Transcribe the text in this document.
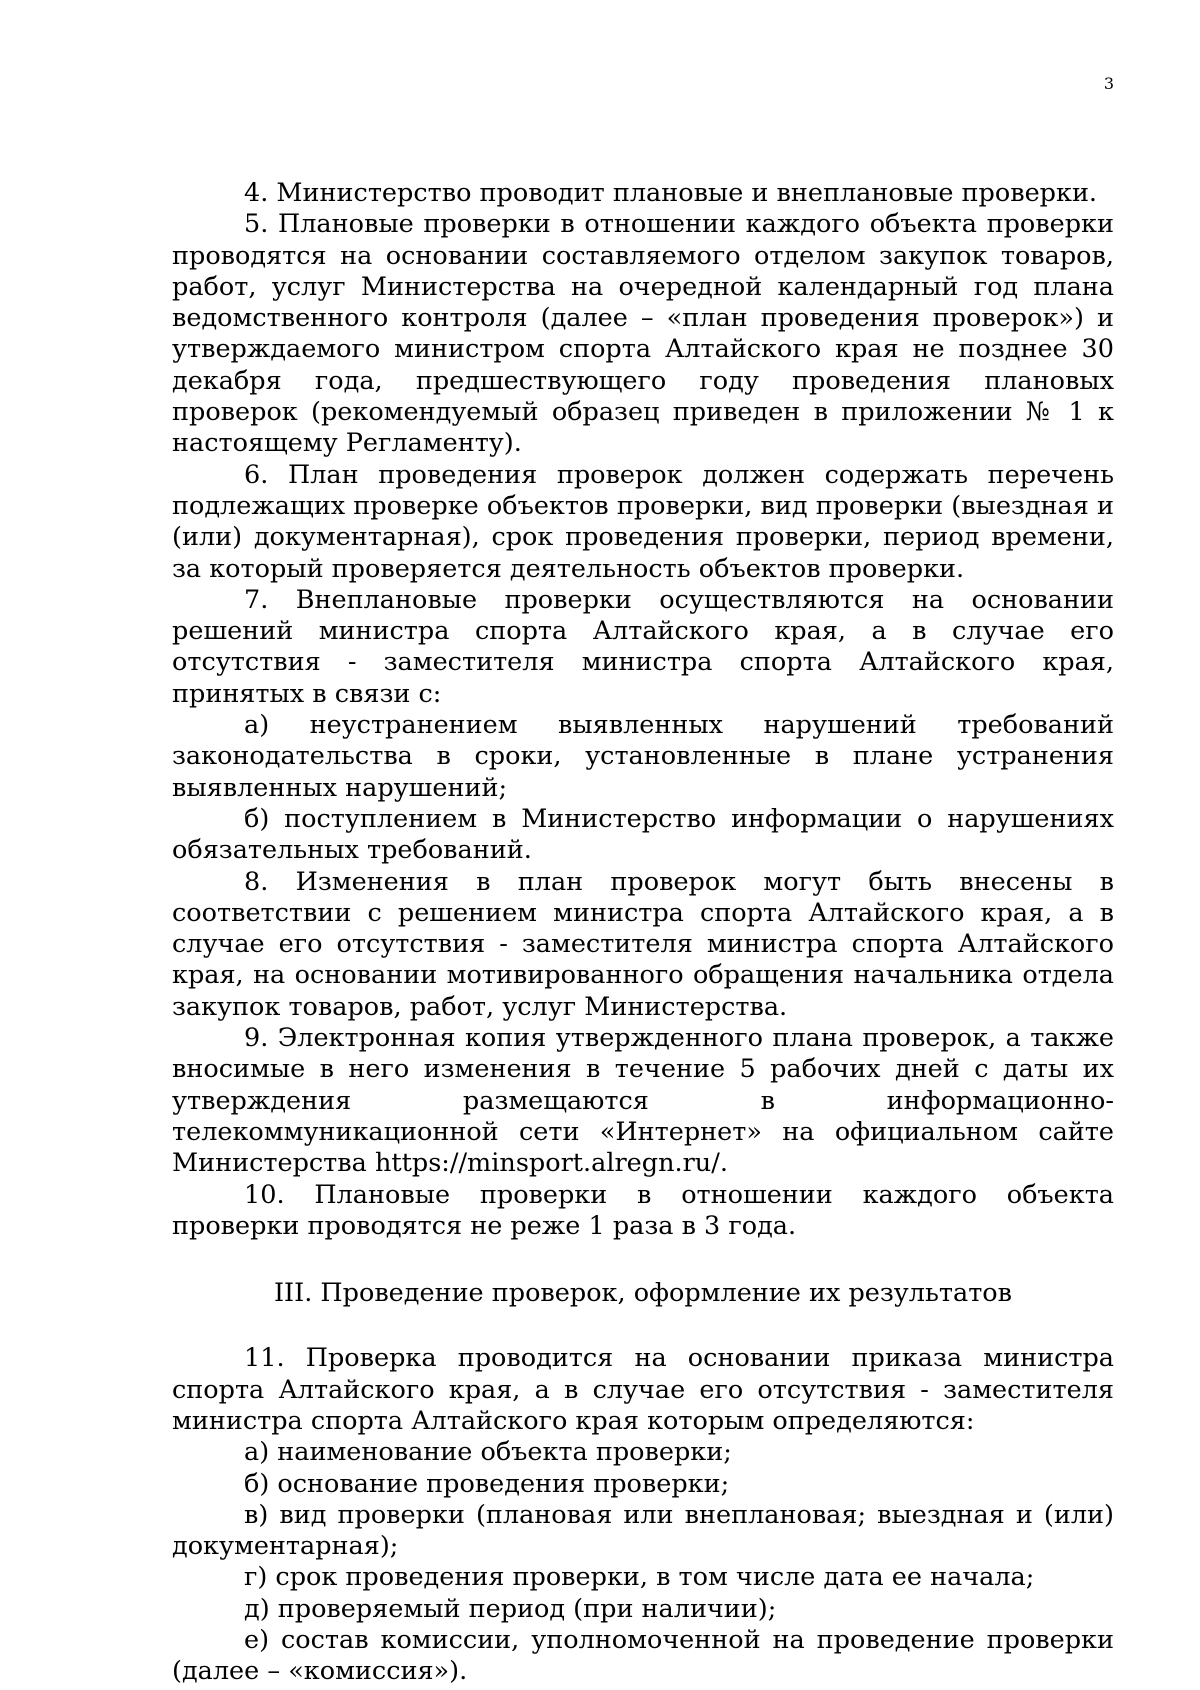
3

4. Министерство проводит плановые и внеплановые проверки.

5. Плановые проверки в отношении каждого объекта проверки проводятся на основании составляемого отделом закупок товаров, работ, услуг Министерства на очередной календарный год плана ведомственного контроля (далее – «план проведения проверок») и утверждаемого министром спорта Алтайского края не позднее 30 декабря года, предшествующего году проведения плановых проверок (рекомендуемый образец приведен в приложении № 1 к настоящему Регламенту).

6. План проведения проверок должен содержать перечень подлежащих проверке объектов проверки, вид проверки (выездная и (или) документарная), срок проведения проверки, период времени, за который проверяется деятельность объектов проверки.

7. Внеплановые проверки осуществляются на основании решений министра спорта Алтайского края, а в случае его отсутствия - заместителя министра спорта Алтайского края, принятых в связи с:

а) неустранением выявленных нарушений требований законодательства в сроки, установленные в плане устранения выявленных нарушений;

б) поступлением в Министерство информации о нарушениях обязательных требований.

8. Изменения в план проверок могут быть внесены в соответствии с решением министра спорта Алтайского края, а в случае его отсутствия - заместителя министра спорта Алтайского края, на основании мотивированного обращения начальника отдела закупок товаров, работ, услуг Министерства.

9. Электронная копия утвержденного плана проверок, а также вносимые в него изменения в течение 5 рабочих дней с даты их утверждения размещаются в информационно-телекоммуникационной сети «Интернет» на официальном сайте Министерства https://minsport.alregn.ru/.

10. Плановые проверки в отношении каждого объекта проверки проводятся не реже 1 раза в 3 года.

III. Проведение проверок, оформление их результатов

11. Проверка проводится на основании приказа министра спорта Алтайского края, а в случае его отсутствия - заместителя министра спорта Алтайского края которым определяются:

а) наименование объекта проверки;

б) основание проведения проверки;

в) вид проверки (плановая или внеплановая; выездная и (или) документарная);

г) срок проведения проверки, в том числе дата ее начала;

д) проверяемый период (при наличии);

е) состав комиссии, уполномоченной на проведение проверки (далее – «комиссия»).
